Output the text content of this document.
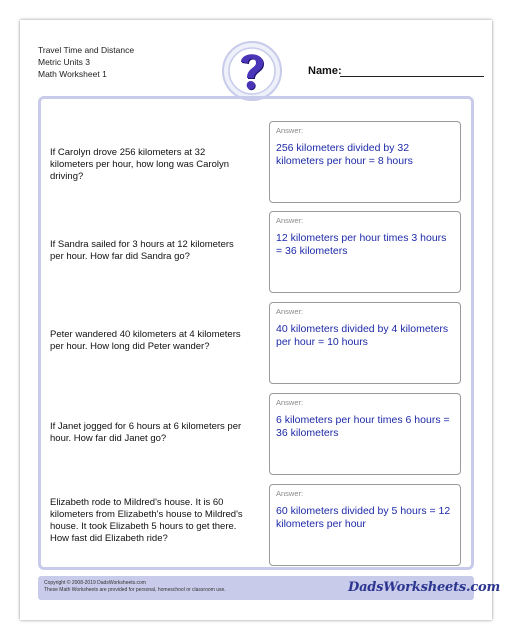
Travel Time and Distance
Metric Units 3
Math Worksheet 1	Name:
If Carolyn drove 256 kilometers at 32 kilometers per hour, how long was Carolyn driving?
Answer:
256 kilometers divided by 32 kilometers per hour = 8 hours
If Sandra sailed for 3 hours at 12 kilometers per hour. How far did Sandra go?
Answer:
12 kilometers per hour times 3 hours = 36 kilometers
Peter wandered 40 kilometers at 4 kilometers per hour. How long did Peter wander?
Answer:
40 kilometers divided by 4 kilometers per hour = 10 hours
If Janet jogged for 6 hours at 6 kilometers per hour. How far did Janet go?
Answer:
6 kilometers per hour times 6 hours = 36 kilometers
Elizabeth rode to Mildred's house. It is 60 kilometers from Elizabeth's house to Mildred's house. It took Elizabeth 5 hours to get there. How fast did Elizabeth ride?
Answer:
60 kilometers divided by 5 hours = 12 kilometers per hour
Copyright © 2008-2019 DadsWorksheets.com
These Math Worksheets are provided for personal, homeschool or classroom use.	DadsWorksheets.com
